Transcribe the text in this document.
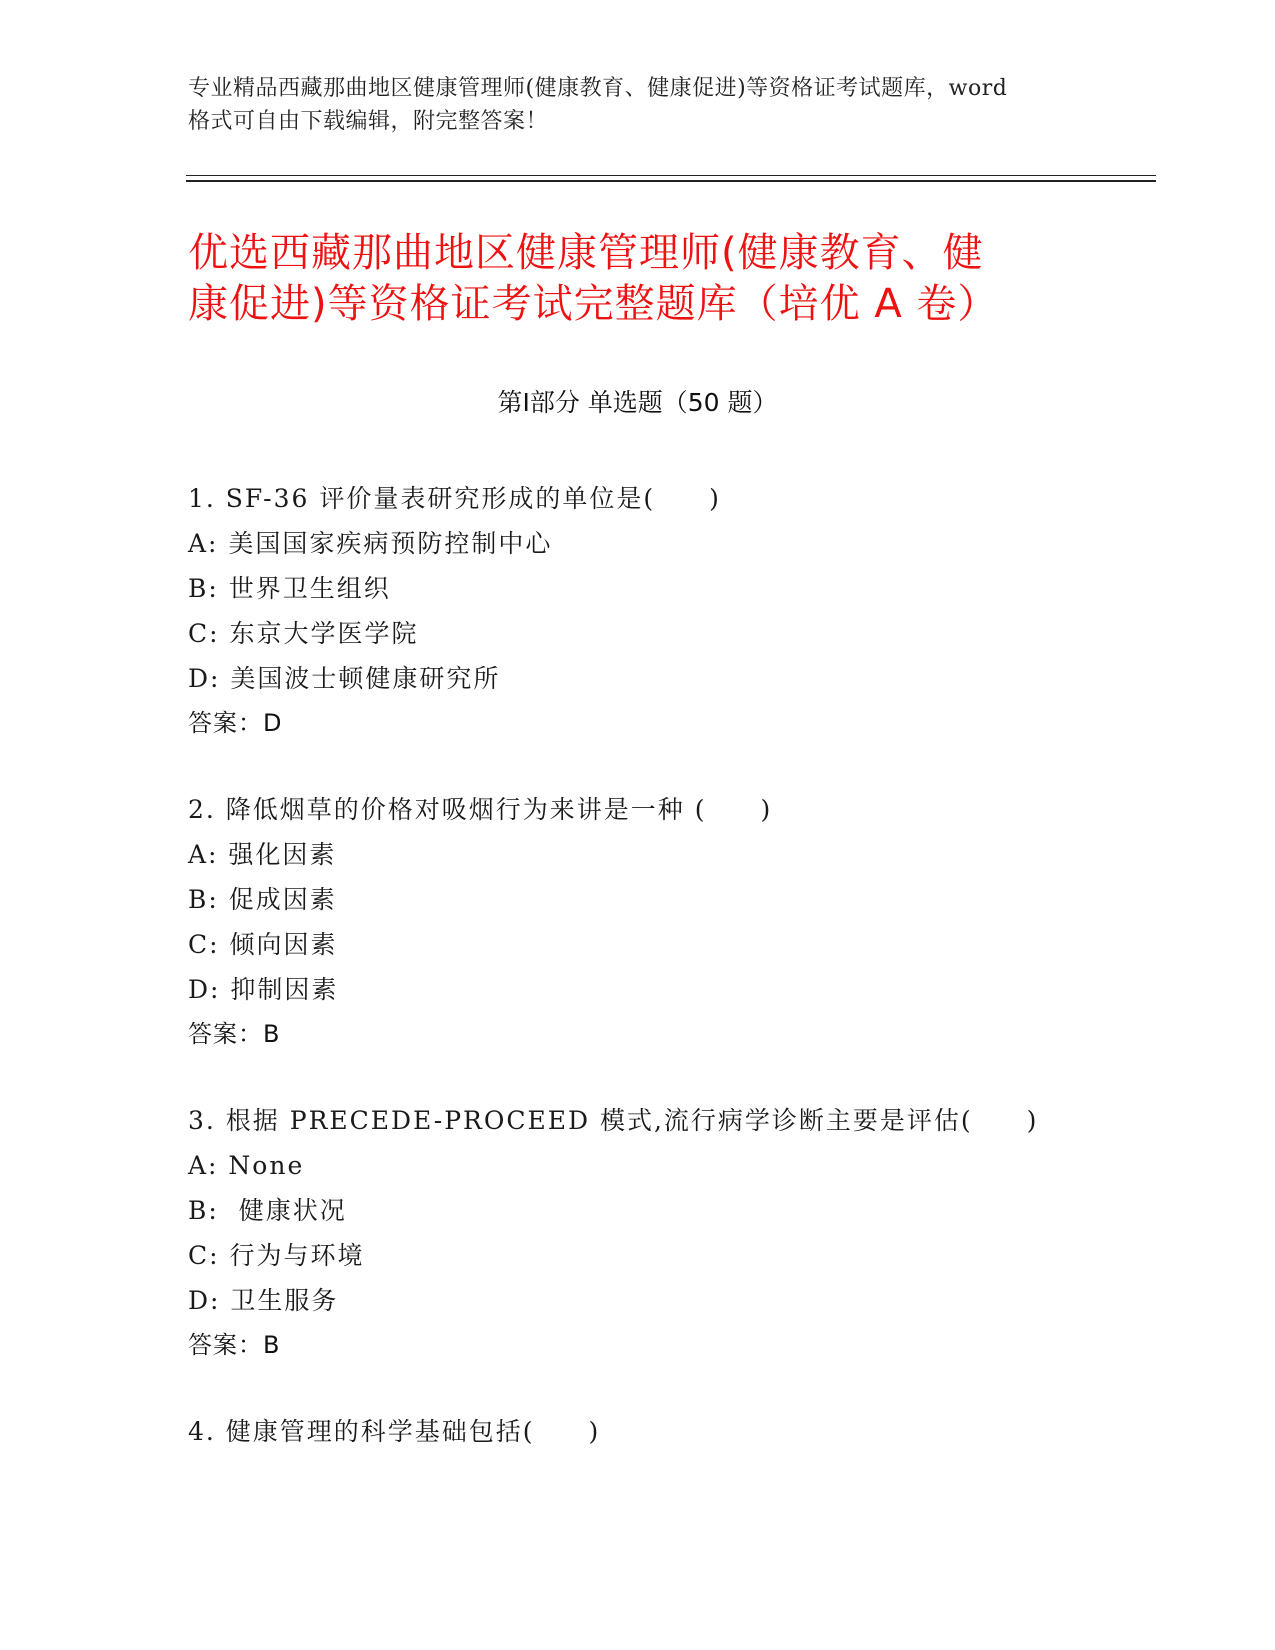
专业精品西藏那曲地区健康管理师(健康教育、健康促进)等资格证考试题库，word
格式可自由下载编辑，附完整答案！
优选西藏那曲地区健康管理师(健康教育、健
康促进)等资格证考试完整题库（培优 A 卷）
第Ⅰ部分 单选题（50 题）
1. SF-36 评价量表研究形成的单位是(　　)
A: 美国国家疾病预防控制中心
B: 世界卫生组织
C: 东京大学医学院
D: 美国波士顿健康研究所
答案：D
2. 降低烟草的价格对吸烟行为来讲是一种 (　　)
A: 强化因素
B: 促成因素
C: 倾向因素
D: 抑制因素
答案：B
3. 根据 PRECEDE-PROCEED 模式,流行病学诊断主要是评估(　　)
A: None
B:  健康状况
C: 行为与环境
D: 卫生服务
答案：B
4. 健康管理的科学基础包括(　　)
